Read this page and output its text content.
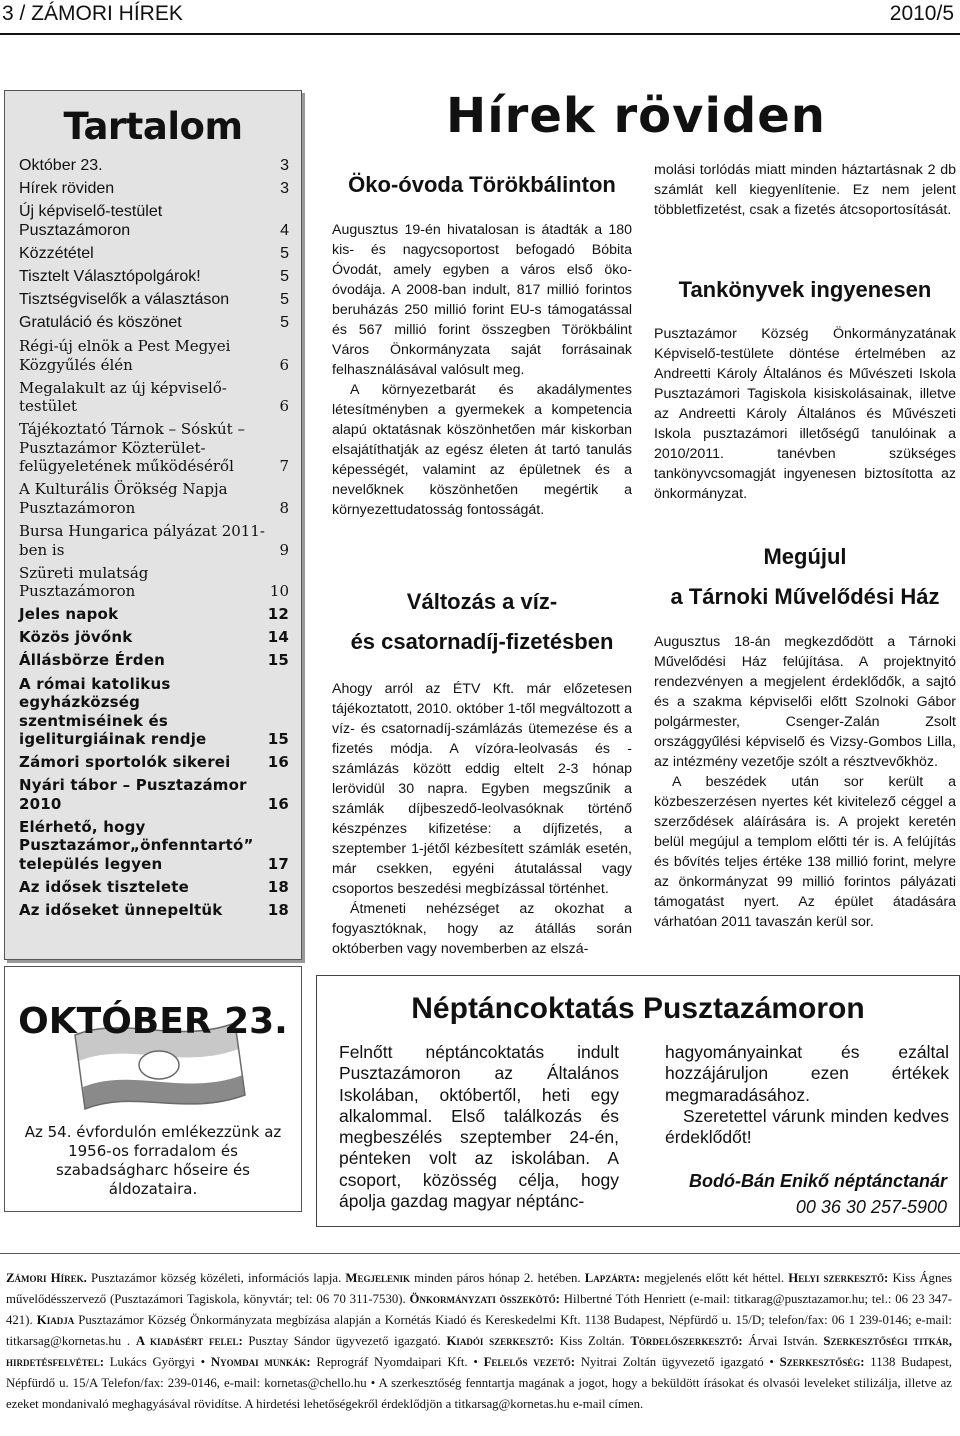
3 / ZÁMORI HÍREK	2010/5
Tartalom
Október 23.	3
Hírek röviden	3
Új képviselő-testület Pusztazámoron	4
Közzététel	5
Tisztelt Választópolgárok!	5
Tisztségviselők a választáson	5
Gratuláció és köszönet	5
Régi-új elnök a Pest Megyei Közgyűlés élén	6
Megalakult az új képviselő-testület	6
Tájékoztató Tárnok – Sóskút – Pusztazámor Közterület-felügyeletének működéséről	7
A Kulturális Örökség Napja Pusztazámoron	8
Bursa Hungarica pályázat 2011-ben is	9
Szüreti mulatság Pusztazámoron	10
Jeles napok	12
Közös jövőnk	14
Állásbörze Érden	15
A római katolikus egyházközség szentmiséinek és igeliturgiáinak rendje	15
Zámori sportolók sikerei	16
Nyári tábor – Pusztazámor 2010	16
Elérhető, hogy Pusztazámor„önfenntartó” település legyen	17
Az idősek tisztelete	18
Az időseket ünnepeltük	18
Hírek röviden
Öko-óvoda Törökbálinton

Augusztus 19-én hivatalosan is átadták a 180 kis- és nagycsoportost befogadó Bóbita Óvodát, amely egyben a város első öko-óvodája. A 2008-ban indult, 817 millió forintos beruházás 250 millió forint EU-s támogatással és 567 millió forint összegben Törökbálint Város Önkormányzata saját forrásainak felhasználásával valósult meg.

A környezetbarát és akadálymentes létesítményben a gyermekek a kompetencia alapú oktatásnak köszönhetően már kiskorban elsajátíthatják az egész életen át tartó tanulás képességét, valamint az épületnek és a nevelőknek köszönhetően megértik a környezettudatosság fontosságát.

Változás a víz-
és csatornadíj-fizetésben

Ahogy arról az ÉTV Kft. már előzetesen tájékoztatott, 2010. október 1-től megváltozott a víz- és csatornadíj-számlázás ütemezése és a fizetés módja. A vízóra-leolvasás és -számlázás között eddig eltelt 2-3 hónap lerövidül 30 napra. Egyben megszűnik a számlák díjbeszedő-leolvasóknak történő készpénzes kifizetése: a díjfizetés, a szeptember 1-jétől kézbesített számlák esetén, már csekken, egyéni átutalással vagy csoportos beszedési megbízással történhet.

Átmeneti nehézséget az okozhat a fogyasztóknak, hogy az átállás során októberben vagy novemberben az elszá-

molási torlódás miatt minden háztartásnak 2 db számlát kell kiegyenlítenie. Ez nem jelent többletfizetést, csak a fizetés átcsoportosítását.

Tankönyvek ingyenesen

Pusztazámor Község Önkormányzatának Képviselő-testülete döntése értelmében az Andreetti Károly Általános és Művészeti Iskola Pusztazámori Tagiskola kisiskolásainak, illetve az Andreetti Károly Általános és Művészeti Iskola pusztazámori illetőségű tanulóinak a 2010/2011. tanévben szükséges tankönyvcsomagját ingyenesen biztosította az önkormányzat.

Megújul
a Tárnoki Művelődési Ház

Augusztus 18-án megkezdődött a Tárnoki Művelődési Ház felújítása. A projektnyitó rendezvényen a megjelent érdeklődők, a sajtó és a szakma képviselői előtt Szolnoki Gábor polgármester, Csenger-Zalán Zsolt országgyűlési képviselő és Vizsy-Gombos Lilla, az intézmény vezetője szólt a résztvevőkhöz.

A beszédek után sor került a közbeszerzésen nyertes két kivitelező céggel a szerződések aláírására is. A projekt keretén belül megújul a templom előtti tér is. A felújítás és bővítés teljes értéke 138 millió forint, melyre az önkormányzat 99 millió forintos pályázati támogatást nyert. Az épület átadására várhatóan 2011 tavaszán kerül sor.

OKTÓBER 23.
Az 54. évfordulón emlékezzünk az 1956-os forradalom és szabadságharc hőseire és áldozataira.
Néptáncoktatás Pusztazámoron
Felnőtt néptáncoktatás indult Pusztazámoron az Általános Iskolában, októbertől, heti egy alkalommal. Első találkozás és megbeszélés szeptember 24-én, pénteken volt az iskolában. A csoport, közösség célja, hogy ápolja gazdag magyar néptánc-

hagyományainkat és ezáltal hozzájáruljon ezen értékek megmaradásához.

Szeretettel várunk minden kedves érdeklődőt!

Bodó-Bán Enikő néptánctanár
00 36 30 257-5900
Zámori Hírek. Pusztazámor község közéleti, információs lapja. Megjelenik minden páros hónap 2. hetében. Lapzárta: megjelenés előtt két héttel. Helyi szerkesztő: Kiss Ágnes művelődésszervező (Pusztazámori Tagiskola, könyvtár; tel: 06 70 311-7530). Önkormányzati összekötő: Hilbertné Tóth Henriett (e-mail: titkarag@pusztazamor.hu; tel.: 06 23 347-421). Kiadja Pusztazámor Község Önkormányzata megbízása alapján a Kornétás Kiadó és Kereskedelmi Kft. 1138 Budapest, Népfürdő u. 15/D; telefon/fax: 06 1 239-0146; e-mail: titkarsag@kornetas.hu . A kiadásért felel: Pusztay Sándor ügyvezető igazgató. Kiadói szerkesztő: Kiss Zoltán. Tördelőszerkesztő: Árvai István. Szerkesztőségi titkár, hirdetésfelvétel: Lukács Györgyi • Nyomdai munkák: Reprográf Nyomdaipari Kft. • Felelős vezető: Nyitrai Zoltán ügyvezető igazgató • Szerkesztőség: 1138 Budapest, Népfürdő u. 15/A Telefon/fax: 239-0146, e-mail: kornetas@chello.hu • A szerkesztőség fenntartja magának a jogot, hogy a beküldött írásokat és olvasói leveleket stilizálja, illetve az ezeket mondanivaló meghagyásával rövidítse. A hirdetési lehetőségekről érdeklődjön a titkarsag@kornetas.hu e-mail címen.
